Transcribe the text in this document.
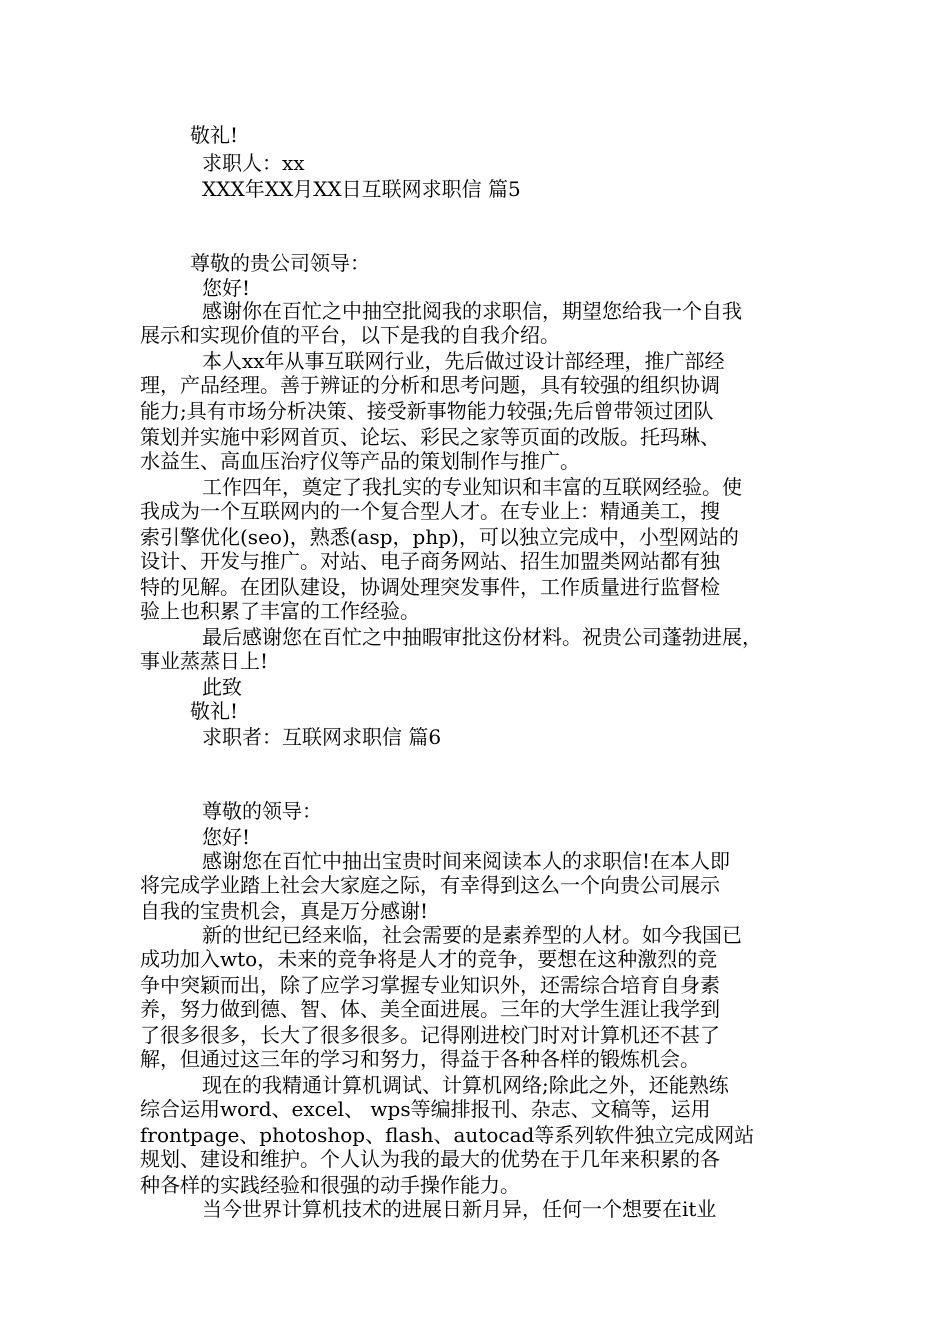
敬礼!
求职人：xx
XXX年XX月XX日互联网求职信 篇5
尊敬的贵公司领导：
您好!
感谢你在百忙之中抽空批阅我的求职信，期望您给我一个自我
展示和实现价值的平台，以下是我的自我介绍。
本人xx年从事互联网行业，先后做过设计部经理，推广部经
理，产品经理。善于辨证的分析和思考问题，具有较强的组织协调
能力;具有市场分析决策、接受新事物能力较强;先后曾带领过团队
策划并实施中彩网首页、论坛、彩民之家等页面的改版。托玛琳、
水益生、高血压治疗仪等产品的策划制作与推广。
工作四年，奠定了我扎实的专业知识和丰富的互联网经验。使
我成为一个互联网内的一个复合型人才。在专业上：精通美工，搜
索引擎优化(seo)，熟悉(asp，php)，可以独立完成中，小型网站的
设计、开发与推广。对站、电子商务网站、招生加盟类网站都有独
特的见解。在团队建设，协调处理突发事件，工作质量进行监督检
验上也积累了丰富的工作经验。
最后感谢您在百忙之中抽暇审批这份材料。祝贵公司蓬勃进展，
事业蒸蒸日上!
此致
敬礼!
求职者：互联网求职信 篇6
尊敬的领导：
您好!
感谢您在百忙中抽出宝贵时间来阅读本人的求职信!在本人即
将完成学业踏上社会大家庭之际，有幸得到这么一个向贵公司展示
自我的宝贵机会，真是万分感谢!
新的世纪已经来临，社会需要的是素养型的人材。如今我国已
成功加入wto，未来的竞争将是人才的竞争，要想在这种激烈的竞
争中突颖而出，除了应学习掌握专业知识外，还需综合培育自身素
养，努力做到德、智、体、美全面进展。三年的大学生涯让我学到
了很多很多，长大了很多很多。记得刚进校门时对计算机还不甚了
解，但通过这三年的学习和努力，得益于各种各样的锻炼机会。
现在的我精通计算机调试、计算机网络;除此之外，还能熟练
综合运用word、excel、 wps等编排报刊、杂志、文稿等，运用
frontpage、photoshop、flash、autocad等系列软件独立完成网站
规划、建设和维护。个人认为我的最大的优势在于几年来积累的各
种各样的实践经验和很强的动手操作能力。
当今世界计算机技术的进展日新月异，任何一个想要在it业
